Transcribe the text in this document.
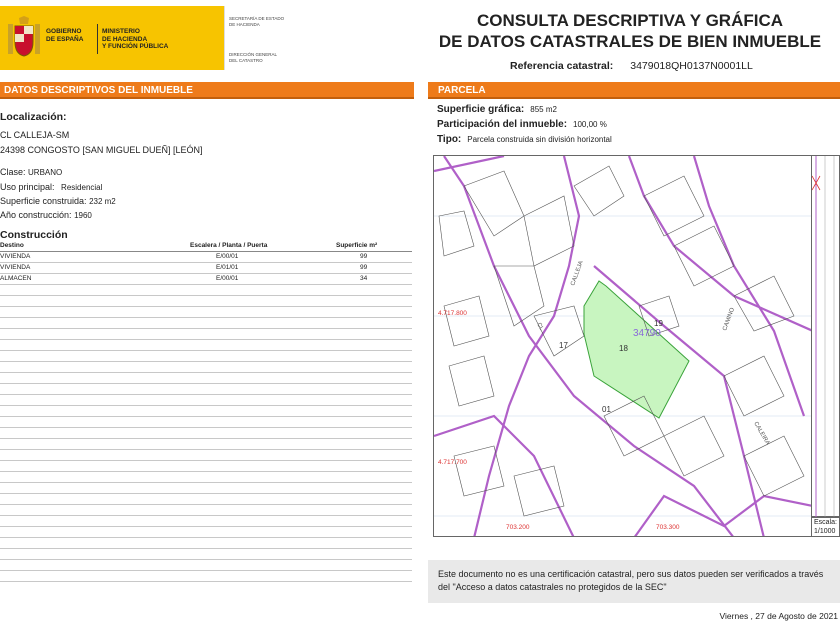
GOBIERNO
DE ESPAÑA
MINISTERIO
DE HACIENDA
Y FUNCIÓN PÚBLICA
SECRETARÍA DE ESTADO
DE HACIENDA
DIRECCIÓN GENERAL
DEL CATASTRO
CONSULTA DESCRIPTIVA Y GRÁFICA
DE DATOS CATASTRALES DE BIEN INMUEBLE
Referencia catastral: 3479018QH0137N0001LL
DATOS DESCRIPTIVOS DEL INMUEBLE
Localización:
CL CALLEJA-SM
24398 CONGOSTO [SAN MIGUEL DUEÑ] [LEÓN]
Clase: URBANO
Uso principal: Residencial
Superficie construida: 232 m2
Año construcción: 1960
Construcción
Destino	Escalera / Planta / Puerta	Superficie m²
VIVIENDA	E/00/01	99
VIVIENDA	E/01/01	99
ALMACEN	E/00/01	34
PARCELA
Superficie gráfica: 855 m2
Participación del inmueble: 100,00 %
Tipo: Parcela construida sin división horizontal
34790
19
18
17
01
4.717.800
4.717.700
703.200	703.300
CALLEJA
CL
CALEIRA
CAMINO
Escala:
1/1000
Este documento no es una certificación catastral, pero sus datos pueden ser verificados a través del "Acceso a datos catastrales no protegidos de la SEC"
Viernes , 27 de Agosto de 2021
